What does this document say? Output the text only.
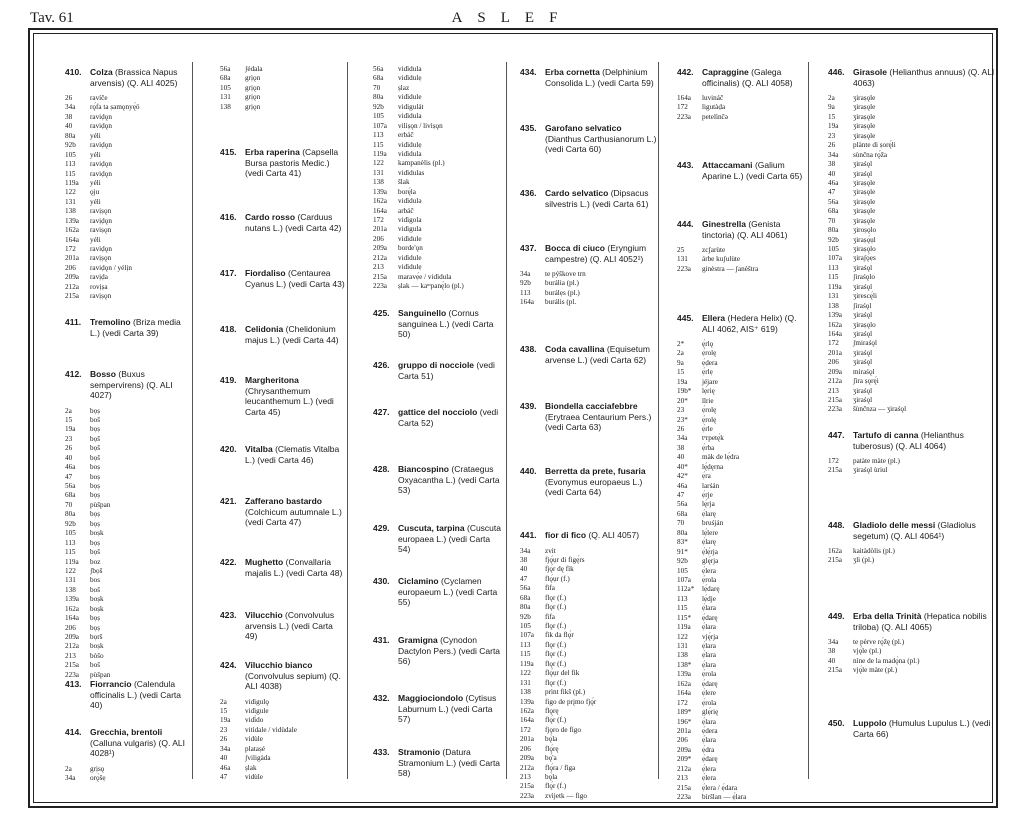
Tav. 61	ASLEF
410. Colza (Brassica Napus arvensis) (Q. ALI 4025)
26 ravíče
34a rǫ́fa ta ṣamǫnyę́ö
38 raviḍǫn
40 raviḍǫn
80a yéli
92b raviḍǫn
105 yéli
113 raviḍǫn
115 raviḍǫn
119a yéli
122 ǫju
131 yéli
138 ravịṣǫn
139a ravịḍǫn
162a raviṣǫn
164a yéli
172 raviḍǫn
201a ravịṣǫn
206 raviḍǫn / yélịn
209a ravịḍa
212a rovịṣa
215a ravịṣǫn
411. Tremolino (Briza media L.) (vedi Carta 39)
412. Bosso (Buxus sempervirens) (Q. ALI 4027)
2a	bọṣ
15 boš
19a bọṣ
23 bọš
26 bọš
40 bọš
46a boṣ
47 boṣ
56a bọṣ
68a bọṣ
70 pùšpan
80a bọṣ
92b bọṣ
105 boṣk
113 bọṣ
115 bọš
119a boz
122 ʃbọš
131 bos
138 boš
139a boṣk
162a boṣk
164a bọṣ
206 bọṣ
209a bọrš
212a boṣk
213 bòšo
215a boš
223a pùšpan
413. Fiorrancio (Calendula officinalis L.) (vedi Carta 40)
414. Grecchia, brentoli (Calluna vulgaris) (Q. ALI 4028¹)
2a	grịsǫ
34a orǫ̀šẹ
56a ʃédala
68a grịǫn
105 grịǫn
131 grịǫn
138 grịǫn
415. Erba raperina (Capsella Bursa pastoris Medic.) (vedi Carta 41)
416. Cardo rosso (Carduus nutans L.) (vedi Carta 42)
417. Fiordaliso (Centaurea Cyanus L.) (vedi Carta 43)
418. Celidonia (Chelidonium majus L.) (vedi Carta 44)
419. Margheritona (Chrysanthemum leucanthemum L.) (vedi Carta 45)
420. Vitalba (Clematis Vitalba L.) (vedi Carta 46)
421. Zafferano bastardo (Colchicum autumnale L.) (vedi Carta 47)
422. Mughetto (Convallaria majalis L.) (vedi Carta 48)
423. Vilucchio (Convolvulus arvensis L.) (vedi Carta 49)
424. Vilucchio bianco (Convolvulus sepium) (Q. ALI 4038)
2a	vidìgulǫ
15 vidìgule
19a vidì́do
23 vitìdale / vidùdale
26 vidùle
34a plataṣé
40 ʃviligàda
46a ṣlak
47 vidùle
56a vidìdula
68a vidìdulẹ
70 ṣlaz
80a vidìdule
92b vidigulát
105 vidìdula
107a vilìṣǫn / livìṣǫn
113 erbáč
115 vidìdulẹ
119a vidìdula
122 kampanèlis (pl.)
131 vidìdulas
138 šlak
139a borę́la
162a vidìdulǝ
164a arbáč
172 vidìgola
201a vidìgula
206 vidìdule
209a borde'ǫn
212a vidìdule
213 vidìdulẹ
215a maravẹ́e / vidìdula
223a ṣlak — kaᵐpanę́lo (pl.)
425. Sanguinello (Cornus sanguinea L.) (vedi Carta 50)
426. gruppo di nocciole (vedi Carta 51)
427. gattice del nocciolo (vedi Carta 52)
428. Biancospino (Crataegus Oxyacantha L.) (vedi Carta 53)
429. Cuscuta, tarpina (Cuscuta europaea L.) (vedi Carta 54)
430. Ciclamino (Cyclamen europaeum L.) (vedi Carta 55)
431. Gramigna (Cynodon Dactylon Pers.) (vedi Carta 56)
432. Maggiociondolo (Cytisus Laburnum L.) (vedi Carta 57)
433. Stramonio (Datura Stramonium L.) (vedi Carta 58)
434. Erba cornetta (Delphinium Consolida L.) (vedi Carta 59)
435. Garofano selvatico (Dianthus Carthusianorum L.) (vedi Carta 60)
436. Cardo selvatico (Dipsacus silvestris L.) (vedi Carta 61)
437. Bocca di ciuco (Eryngium campestre) (Q. ALI 4052¹)
34a te pýškove trn
92b burália (pl.)
113 burálẹs (pl.)
164a burális (pl.
438. Coda cavallina (Equisetum arvense L.) (vedi Carta 62)
439. Biondella cacciafebbre (Erytraea Centaurium Pers.) (vedi Carta 63)
440. Berretta da prete, fusaria (Evonymus europaeus L.) (vedi Carta 64)
441. fior di fico (Q. ALI 4057)
34a zvit
38 fjǫ́ụr di figę́rs
40 fjǫ́r dę fìk
47 flǫ́ụr (f.)
56a fìfa
68a flǫr (f.)
80a flǫr (f.)
92b fìfa
105 flǫr (f.)
107a fìk da flǫ́r
113 flǫr (f.)
115 flǫr (f.)
119a flǫr (f.)
122 flǫ́ụr del fìk
131 flǫr (f.)
138 prìnt fìkš (pl.)
139a figo de prįmo fjǫ́r
162a flǫrę
164a flǫ́r (f.)
172 fjǫro de fìgo
201a bǫ̀la
206 flǫ́rę
209a bǫ́'a
212a flǫ́ra / fìga
213 bǫ̀la
215a flǫ́r (f.)
223a zvìjetk — fìgo
442. Capraggine (Galega officinalis) (Q. ALI 4058)
164a luvináč
172 ligutàḍa
223a petelìnčǝ
443. Attaccamani (Galium Aparine L.) (vedi Carta 65)
444. Ginestrella (Genista tinctoria) (Q. ALI 4061)
25 zcʃarùte
131 árbe kuʃulùte
223a ginèstra — ʃanèštra
445. Ellera (Hedera Helix) (Q. ALI 4062, AIS⁺ 619)
2* ę́rlǫ
2a	ẹ́rolę
9a	ẹ́ḍera
15 ẹ́rlẹ
19a jéjare
19b* lẹ́rię
20* llrie
23 ẹ́rolę
23* ẹ́rolę
26 ẹ́rle
34a tᵉrpetę́k
38 ẹ́rba
40 màk de lẹ́dra
40* lę́ḍęrna
42* ẹ́ra
46a larśán
47 ẹ́rje
56a lę́rja
68a ẹ́larę
70 bruśján
80a lẹ́lere
83* ẹ́larę
91* ẹ́lẹ́rja
92b glę́rja
105 ẹ́lera
107a ẹ́rola
112a* lẹ́darę
113 lẹ́dje
115 ẹ́lara
115* ẹ́darę
119a ẹ́lara
122 vję́rja
131 ẹ́lara
138 ẹ́lara
138* ẹ́lara
139a ẹ́rola
162a ẹ́darę
164a ẹ́lere
172 ẹ́rola
189* glẹ́rię
196* ẹ́lara
201a ẹ́dera
206 ẹ́lara
209a ẹ́dra
209* ẹ́darę
212a ẹ́lera
213 ẹ́lera
215a ẹ́lera / ẹ́dara
223a bìršlan — ẹ́lara
446. Girasole (Helianthus annuus) (Q. ALI 4063)
2a	ʒiraṣǫle
9a	ʒiraṣǫle
15 ʒiraṣǫle
19a ʒiraṣǫle
23 ʒiraṣǫle
26 plànte di ṣorę́li
34a sùnčna rǫ́ža
38 ʒiraśǫl
40 ʒiraśǫl
46a ʒiraṣǫle
47 ʒiraṣǫle
56a ʒiraṣǫle
68a ʒiraṣǫle
70 ʒiraṣǫle
80a ʒiroṣǫlo
92b ʒiraṣǫ́ụl
105 ʒiraṣǫlo
107a ʒiraʃǫ́ẹs
113 ʒiraśǫl
115 ʃiraśǫlo
119a ʒiraśǫl
131 ʒirescę́li
138 ʃiraśǫl
139a ʒiraśǫl
162a ʒiraṣǫlo
164a ʒiraśǫl
172 ʃmiraśǫl
201a ʒiraśǫl
206 ʒiraśǫl
209a mìraśǫl
212a ʃìra ṣǫrę́i
213 ʒiraśǫl
215a ʒiraśǫl
223a šùnčnza — ʒiraśǫl
447. Tartufo di canna (Helianthus tuberosus) (Q. ALI 4064)
172 patàte màte (pl.)
215a ʒiraśǫl ùriul
448. Gladiolo delle messi (Gladiolus segetum) (Q. ALI 4064¹)
162a kaitàdòlis (pl.)
215a ʒli (pl.)
449. Erba della Trinità (Hepatica nobilis triloba) (Q. ALI 4065)
34a te pèrve rǫ́ẑę (pl.)
38 vjǫ́le (pl.)
40 nìne de la madǫ̀na (pl.)
215a vjǫ́le màte (pl.)
450. Luppolo (Humulus Lupulus L.) (vedi Carta 66)
